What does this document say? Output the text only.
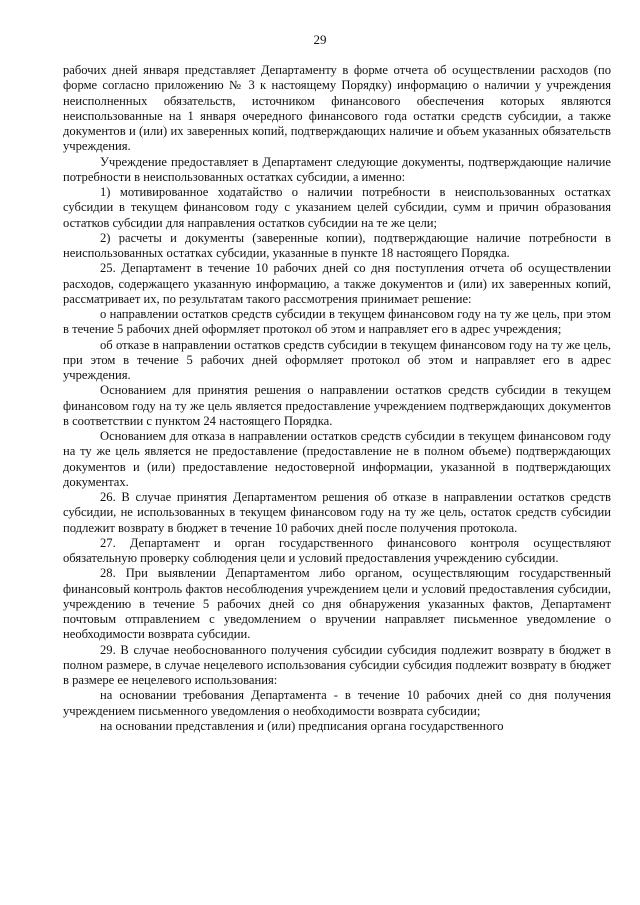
29

рабочих дней января представляет Департаменту в форме отчета об осуществлении расходов (по форме согласно приложению № 3 к настоящему Порядку) информацию о наличии у учреждения неисполненных обязательств, источником финансового обеспечения которых являются неиспользованные на 1 января очередного финансового года остатки средств субсидии, а также документов и (или) их заверенных копий, подтверждающих наличие и объем указанных обязательств учреждения.

Учреждение предоставляет в Департамент следующие документы, подтверждающие наличие потребности в неиспользованных остатках субсидии, а именно:

1) мотивированное ходатайство о наличии потребности в неиспользованных остатках субсидии в текущем финансовом году с указанием целей субсидии, сумм и причин образования остатков субсидии для направления остатков субсидии на те же цели;

2) расчеты и документы (заверенные копии), подтверждающие наличие потребности в неиспользованных остатках субсидии, указанные в пункте 18 настоящего Порядка.

25. Департамент в течение 10 рабочих дней со дня поступления отчета об осуществлении расходов, содержащего указанную информацию, а также документов и (или) их заверенных копий, рассматривает их, по результатам такого рассмотрения принимает решение:

о направлении остатков средств субсидии в текущем финансовом году на ту же цель, при этом в течение 5 рабочих дней оформляет протокол об этом и направляет его в адрес учреждения;

об отказе в направлении остатков средств субсидии в текущем финансовом году на ту же цель, при этом в течение 5 рабочих дней оформляет протокол об этом и направляет его в адрес учреждения.

Основанием для принятия решения о направлении остатков средств субсидии в текущем финансовом году на ту же цель является предоставление учреждением подтверждающих документов в соответствии с пунктом 24 настоящего Порядка.

Основанием для отказа в направлении остатков средств субсидии в текущем финансовом году на ту же цель является не предоставление (предоставление не в полном объеме) подтверждающих документов и (или) предоставление недостоверной информации, указанной в подтверждающих документах.

26. В случае принятия Департаментом решения об отказе в направлении остатков средств субсидии, не использованных в текущем финансовом году на ту же цель, остаток средств субсидии подлежит возврату в бюджет в течение 10 рабочих дней после получения протокола.

27. Департамент и орган государственного финансового контроля осуществляют обязательную проверку соблюдения цели и условий предоставления учреждению субсидии.

28. При выявлении Департаментом либо органом, осуществляющим государственный финансовый контроль фактов несоблюдения учреждением цели и условий предоставления субсидии, учреждению в течение 5 рабочих дней со дня обнаружения указанных фактов, Департамент почтовым отправлением с уведомлением о вручении направляет письменное уведомление о необходимости возврата субсидии.

29. В случае необоснованного получения субсидии субсидия подлежит возврату в бюджет в полном размере, в случае нецелевого использования субсидии субсидия подлежит возврату в бюджет в размере ее нецелевого использования:

на основании требования Департамента - в течение 10 рабочих дней со дня получения учреждением письменного уведомления о необходимости возврата субсидии;

на основании представления и (или) предписания органа государственного
